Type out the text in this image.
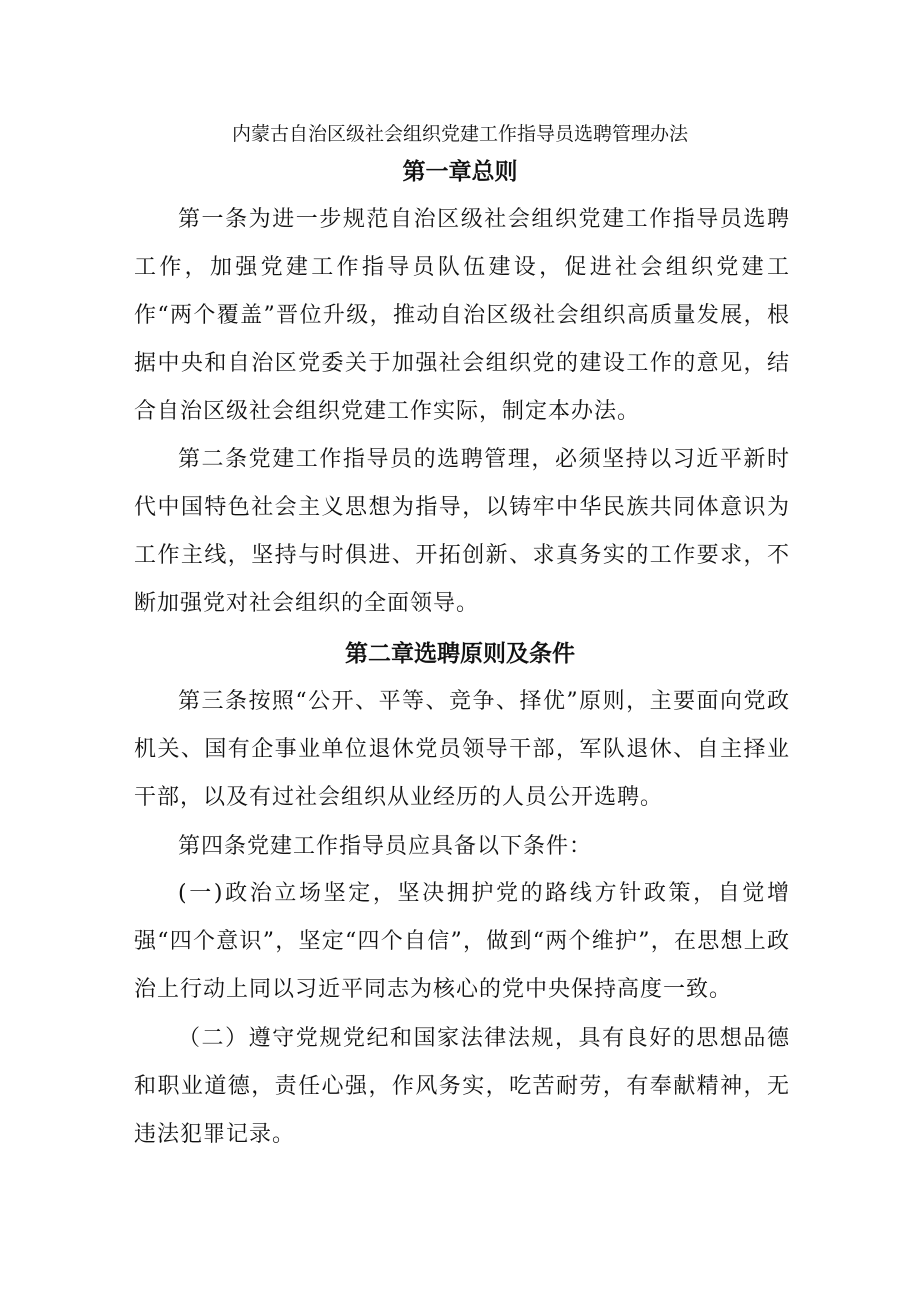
内蒙古自治区级社会组织党建工作指导员选聘管理办法
第一章总则

第一条为进一步规范自治区级社会组织党建工作指导员选聘工作，加强党建工作指导员队伍建设，促进社会组织党建工作“两个覆盖”晋位升级，推动自治区级社会组织高质量发展，根据中央和自治区党委关于加强社会组织党的建设工作的意见，结合自治区级社会组织党建工作实际，制定本办法。

第二条党建工作指导员的选聘管理，必须坚持以习近平新时代中国特色社会主义思想为指导，以铸牢中华民族共同体意识为工作主线，坚持与时俱进、开拓创新、求真务实的工作要求，不断加强党对社会组织的全面领导。

第二章选聘原则及条件

第三条按照“公开、平等、竞争、择优”原则，主要面向党政机关、国有企事业单位退休党员领导干部，军队退休、自主择业干部，以及有过社会组织从业经历的人员公开选聘。

第四条党建工作指导员应具备以下条件：

(一)政治立场坚定，坚决拥护党的路线方针政策，自觉增强“四个意识”，坚定“四个自信”，做到“两个维护”，在思想上政治上行动上同以习近平同志为核心的党中央保持高度一致。

（二）遵守党规党纪和国家法律法规，具有良好的思想品德和职业道德，责任心强，作风务实，吃苦耐劳，有奉献精神，无违法犯罪记录。
